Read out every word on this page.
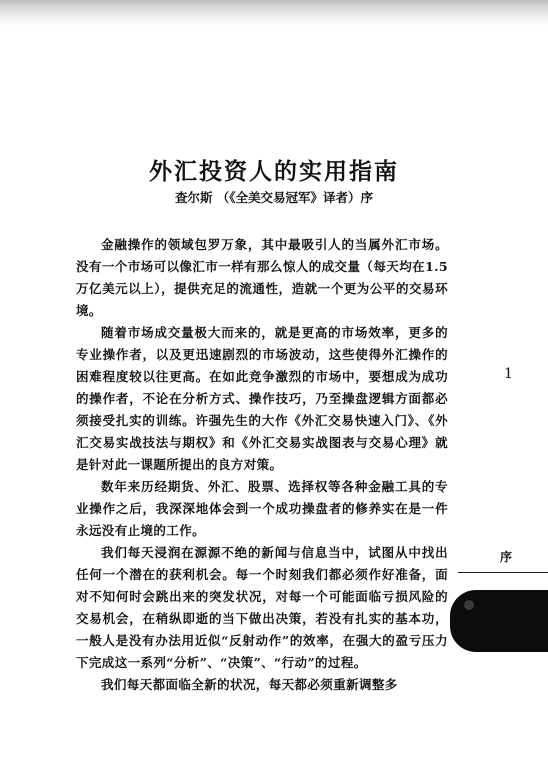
外汇投资人的实用指南

查尔斯 （《全美交易冠军》译者）序

金融操作的领域包罗万象，其中最吸引人的当属外汇市场。没有一个市场可以像汇市一样有那么惊人的成交量（每天均在1.5万亿美元以上），提供充足的流通性，造就一个更为公平的交易环境。

随着市场成交量极大而来的，就是更高的市场效率，更多的专业操作者，以及更迅速剧烈的市场波动，这些使得外汇操作的困难程度较以往更高。在如此竞争激烈的市场中，要想成为成功的操作者，不论在分析方式、操作技巧，乃至操盘逻辑方面都必须接受扎实的训练。许强先生的大作《外汇交易快速入门》、《外汇交易实战技法与期权》和《外汇交易实战图表与交易心理》就是针对此一课题所提出的良方对策。

数年来历经期货、外汇、股票、选择权等各种金融工具的专业操作之后，我深深地体会到一个成功操盘者的修养实在是一件永远没有止境的工作。

我们每天浸润在源源不绝的新闻与信息当中，试图从中找出任何一个潜在的获利机会。每一个时刻我们都必须作好准备，面对不知何时会跳出来的突发状况，对每一个可能面临亏损风险的交易机会，在稍纵即逝的当下做出决策，若没有扎实的基本功，一般人是没有办法用近似“反射动作”的效率，在强大的盈亏压力下完成这一系列“分析”、“决策”、“行动”的过程。

我们每天都面临全新的状况，每天都必须重新调整多

1

序
